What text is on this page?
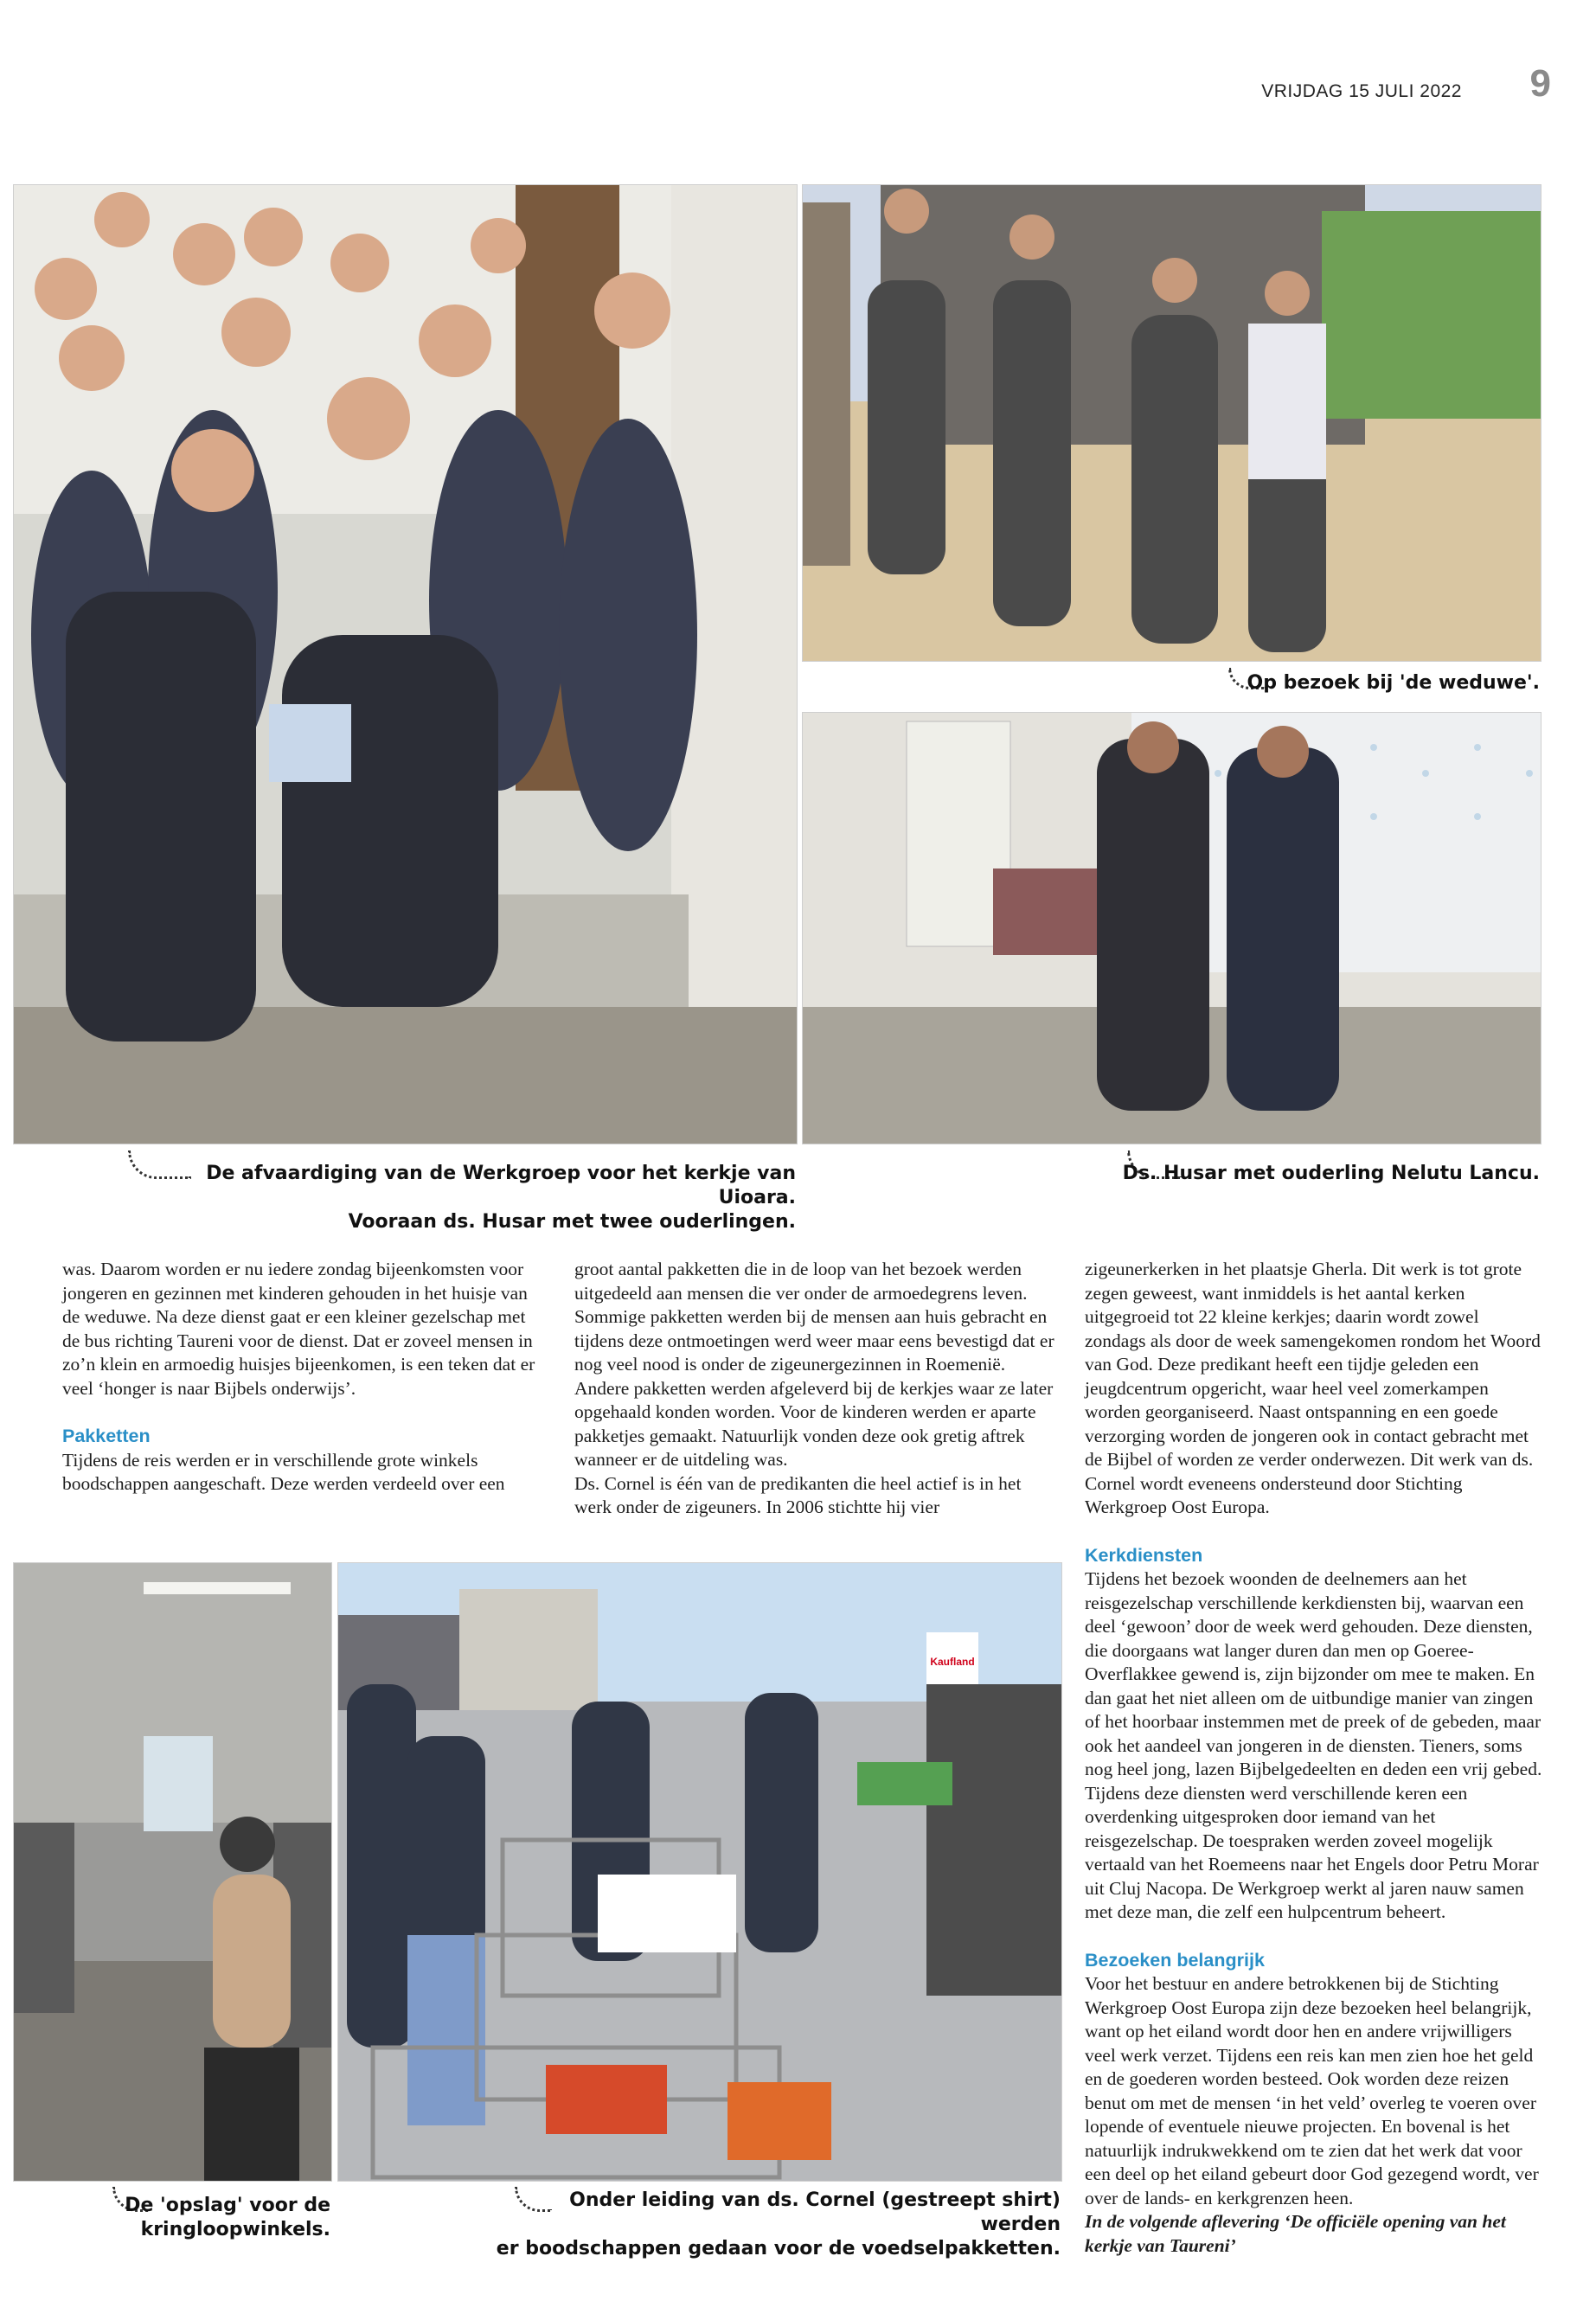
VRIJDAG 15 JULI 2022 9
Op bezoek bij 'de weduwe'.
De afvaardiging van de Werkgroep voor het kerkje van Uioara.
Vooraan ds. Husar met twee ouderlingen.
Ds. Husar met ouderling Nelutu Lancu.

was. Daarom worden er nu iedere zondag bijeenkomsten voor jongeren en gezinnen met kinderen gehouden in het huisje van de weduwe. Na deze dienst gaat er een kleiner gezelschap met de bus richting Taureni voor de dienst. Dat er zoveel mensen in zo’n klein en armoedig huisjes bijeenkomen, is een teken dat er veel ‘honger is naar Bijbels onderwijs’.

Pakketten

Tijdens de reis werden er in verschillende grote winkels boodschappen aangeschaft. Deze werden verdeeld over een

groot aantal pakketten die in de loop van het bezoek werden uitgedeeld aan mensen die ver onder de armoedegrens leven. Sommige pakketten werden bij de mensen aan huis gebracht en tijdens deze ontmoetingen werd weer maar eens bevestigd dat er nog veel nood is onder de zigeunergezinnen in Roemenië. Andere pakketten werden afgeleverd bij de kerkjes waar ze later opgehaald konden worden. Voor de kinderen werden er aparte pakketjes gemaakt. Natuurlijk vonden deze ook gretig aftrek wanneer er de uitdeling was.

Ds. Cornel is één van de predikanten die heel actief is in het werk onder de zigeuners. In 2006 stichtte hij vier

zigeunerkerken in het plaatsje Gherla. Dit werk is tot grote zegen geweest, want inmiddels is het aantal kerken uitgegroeid tot 22 kleine kerkjes; daarin wordt zowel zondags als door de week samengekomen rondom het Woord van God. Deze predikant heeft een tijdje geleden een jeugdcentrum opgericht, waar heel veel zomerkampen worden georganiseerd. Naast ontspanning en een goede verzorging worden de jongeren ook in contact gebracht met de Bijbel of worden ze verder onderwezen. Dit werk van ds. Cornel wordt eveneens ondersteund door Stichting Werkgroep Oost Europa.

Kerkdiensten

Tijdens het bezoek woonden de deelnemers aan het reisgezelschap verschillende kerkdiensten bij, waarvan een deel ‘gewoon’ door de week werd gehouden. Deze diensten, die doorgaans wat langer duren dan men op Goeree-Overflakkee gewend is, zijn bijzonder om mee te maken. En dan gaat het niet alleen om de uitbundige manier van zingen of het hoorbaar instemmen met de preek of de gebeden, maar ook het aandeel van jongeren in de diensten. Tieners, soms nog heel jong, lazen Bijbelgedeelten en deden een vrij gebed. Tijdens deze diensten werd verschillende keren een overdenking uitgesproken door iemand van het reisgezelschap. De toespraken werden zoveel mogelijk vertaald van het Roemeens naar het Engels door Petru Morar uit Cluj Nacopa. De Werkgroep werkt al jaren nauw samen met deze man, die zelf een hulpcentrum beheert.

Bezoeken belangrijk

Voor het bestuur en andere betrokkenen bij de Stichting Werkgroep Oost Europa zijn deze bezoeken heel belangrijk, want op het eiland wordt door hen en andere vrijwilligers veel werk verzet. Tijdens een reis kan men zien hoe het geld en de goederen worden besteed. Ook worden deze reizen benut om met de mensen ‘in het veld’ overleg te voeren over lopende of eventuele nieuwe projecten. En bovenal is het natuurlijk indrukwekkend om te zien dat het werk dat voor een deel op het eiland gebeurt door God gezegend wordt, ver over de lands- en kerkgrenzen heen.

In de volgende aflevering ‘De officiële opening van het kerkje van Taureni’

Kaufland
De 'opslag' voor de
kringloopwinkels.
Onder leiding van ds. Cornel (gestreept shirt) werden
er boodschappen gedaan voor de voedselpakketten.
